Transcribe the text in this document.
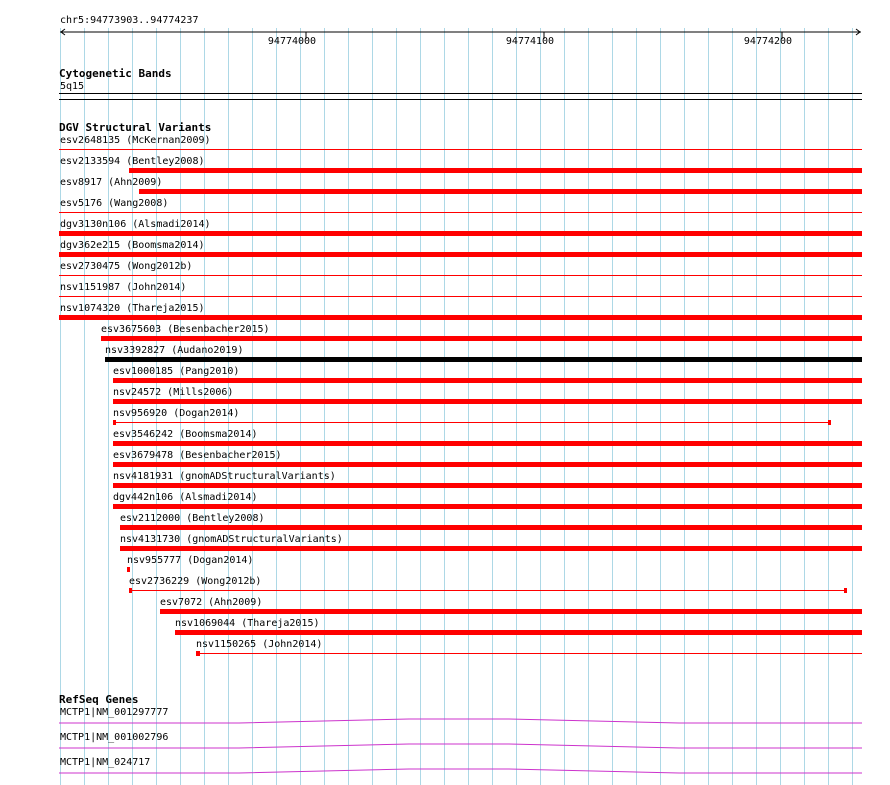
chr5:94773903..94774237
94774000	94774100	94774200
Cytogenetic Bands
5q15
DGV Structural Variants
esv2648135 (McKernan2009)
esv2133594 (Bentley2008)
esv8917 (Ahn2009)
esv5176 (Wang2008)
dgv3130n106 (Alsmadi2014)
dgv362e215 (Boomsma2014)
esv2730475 (Wong2012b)
nsv1151987 (John2014)
nsv1074320 (Thareja2015)
esv3675603 (Besenbacher2015)
nsv3392827 (Audano2019)
esv1000185 (Pang2010)
nsv24572 (Mills2006)
nsv956920 (Dogan2014)
esv3546242 (Boomsma2014)
esv3679478 (Besenbacher2015)
nsv4181931 (gnomADStructuralVariants)
dgv442n106 (Alsmadi2014)
esv2112000 (Bentley2008)
nsv4131730 (gnomADStructuralVariants)
nsv955777 (Dogan2014)
esv2736229 (Wong2012b)
esv7072 (Ahn2009)
nsv1069044 (Thareja2015)
nsv1150265 (John2014)
RefSeq Genes
MCTP1|NM_001297777
MCTP1|NM_001002796
MCTP1|NM_024717
